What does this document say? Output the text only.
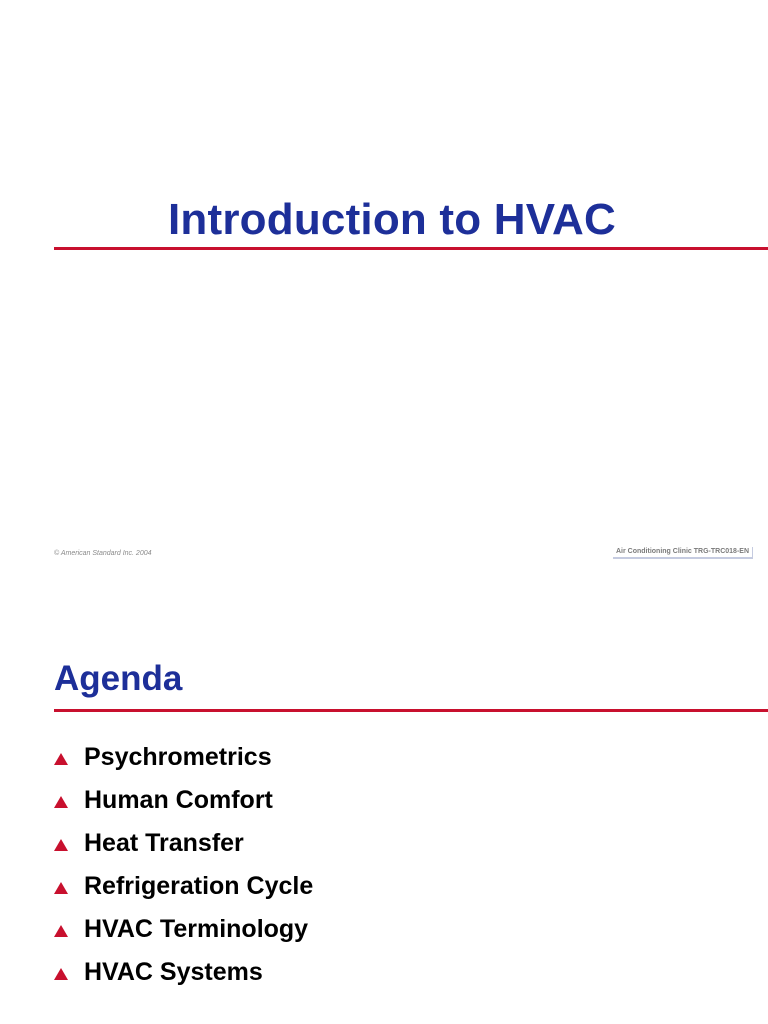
Introduction to HVAC
© American Standard Inc. 2004	Air Conditioning Clinic TRG-TRC018-EN
Agenda
Psychrometrics
Human Comfort
Heat Transfer
Refrigeration Cycle
HVAC Terminology
HVAC Systems
